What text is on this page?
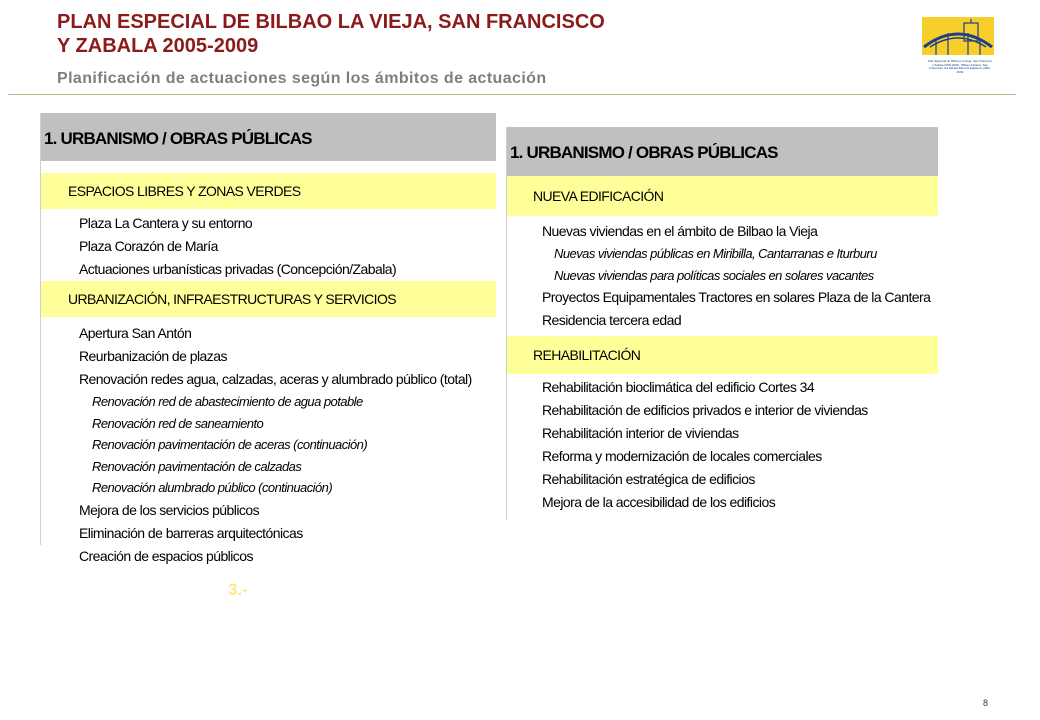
PLAN ESPECIAL DE BILBAO LA VIEJA, SAN FRANCISCO
Y ZABALA 2005-2009
Planificación de actuaciones según los ámbitos de actuación
Plan Especial de Bilbao La Vieja, San Francisco y Zabala 2005-2009 · Bilbao Zaharra, San Frantzisko eta Zabala Berezia Egitasmo 2005-2009
1. URBANISMO / OBRAS PÚBLICAS
ESPACIOS LIBRES Y ZONAS VERDES
Plaza La Cantera y su entorno
Plaza Corazón de María
Actuaciones urbanísticas privadas (Concepción/Zabala)
URBANIZACIÓN, INFRAESTRUCTURAS Y SERVICIOS
Apertura San Antón
Reurbanización de plazas
Renovación redes agua, calzadas, aceras y alumbrado público (total)
Renovación red de abastecimiento de agua potable
Renovación red de saneamiento
Renovación pavimentación de aceras (continuación)
Renovación pavimentación de calzadas
Renovación alumbrado público (continuación)
Mejora de los servicios públicos
Eliminación de barreras arquitectónicas
Creación de espacios públicos
1. URBANISMO / OBRAS PÚBLICAS
NUEVA EDIFICACIÓN
Nuevas viviendas en el ámbito de Bilbao la Vieja
Nuevas viviendas públicas en Miribilla, Cantarranas e Iturburu
Nuevas viviendas para políticas sociales en solares vacantes
Proyectos Equipamentales Tractores en solares Plaza de la Cantera
Residencia tercera edad
REHABILITACIÓN
Rehabilitación bioclimática del edificio Cortes 34
Rehabilitación de edificios privados e interior de viviendas
Rehabilitación interior de viviendas
Reforma y modernización de locales comerciales
Rehabilitación estratégica de edificios
Mejora de la accesibilidad de los edificios
3.-
8
